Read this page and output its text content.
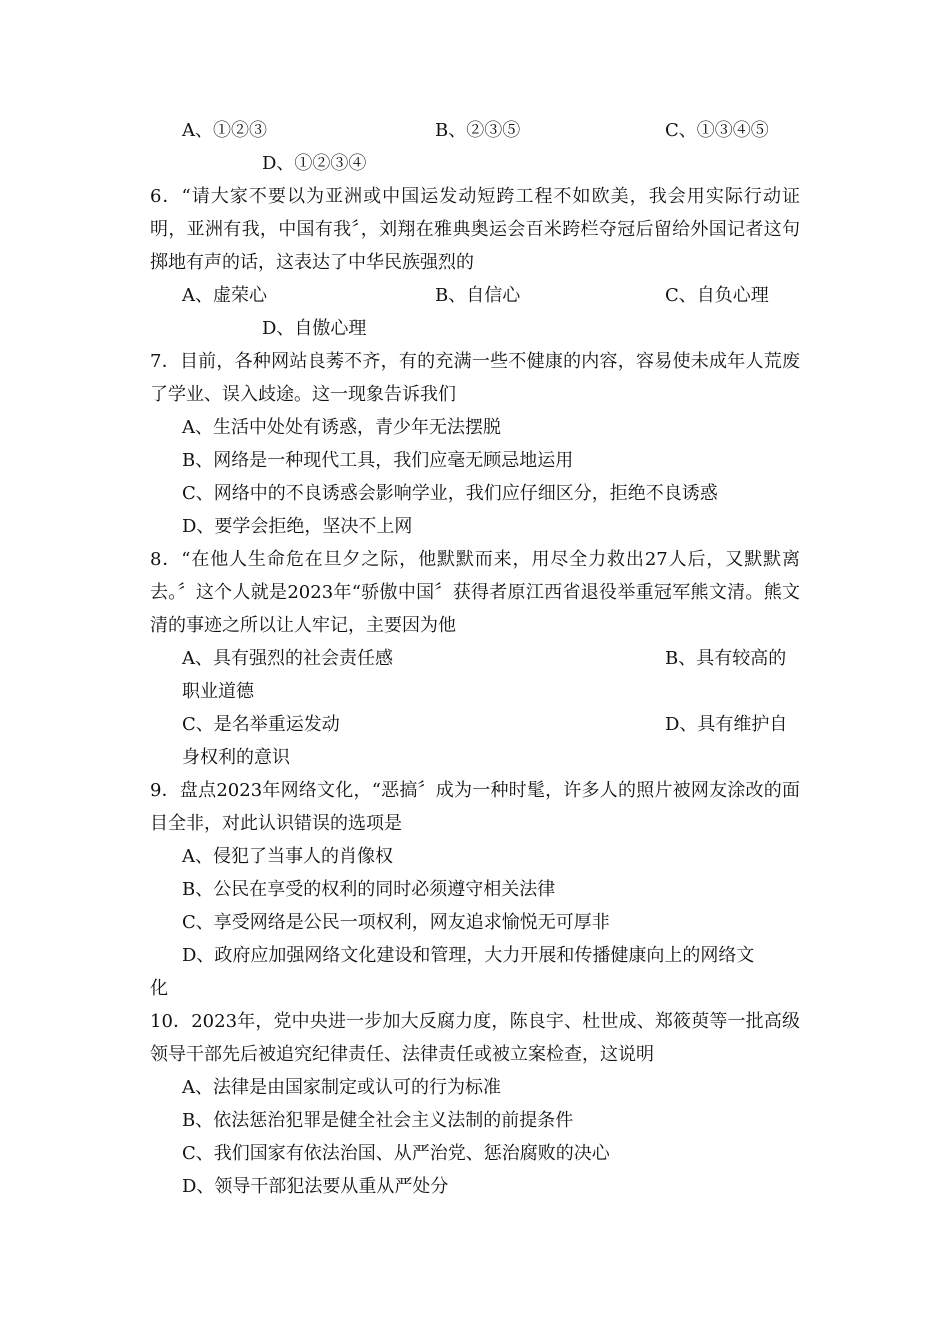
A、①②③	B、②③⑤	C、①③④⑤
D、①②③④
6．“请大家不要以为亚洲或中国运发动短跨工程不如欧美，我会用实际行动证明，亚洲有我，中国有我〞，刘翔在雅典奥运会百米跨栏夺冠后留给外国记者这句掷地有声的话，这表达了中华民族强烈的
A、虚荣心	B、自信心	C、自负心理
D、自傲心理
7．目前，各种网站良莠不齐，有的充满一些不健康的内容，容易使未成年人荒废了学业、误入歧途。这一现象告诉我们
A、生活中处处有诱惑，青少年无法摆脱
B、网络是一种现代工具，我们应毫无顾忌地运用
C、网络中的不良诱惑会影响学业，我们应仔细区分，拒绝不良诱惑
D、要学会拒绝，坚决不上网
8．“在他人生命危在旦夕之际，他默默而来，用尽全力救出27人后，又默默离去。〞这个人就是2023年“骄傲中国〞获得者原江西省退役举重冠军熊文清。熊文清的事迹之所以让人牢记，主要因为他
A、具有强烈的社会责任感	B、具有较高的
职业道德
C、是名举重运发动	D、具有维护自
身权利的意识
9．盘点2023年网络文化，“恶搞〞成为一种时髦，许多人的照片被网友涂改的面目全非，对此认识错误的选项是
A、侵犯了当事人的肖像权
B、公民在享受的权利的同时必须遵守相关法律
C、享受网络是公民一项权利，网友追求愉悦无可厚非
D、政府应加强网络文化建设和管理，大力开展和传播健康向上的网络文
化
10．2023年，党中央进一步加大反腐力度，陈良宇、杜世成、郑筱萸等一批高级领导干部先后被追究纪律责任、法律责任或被立案检查，这说明
A、法律是由国家制定或认可的行为标准
B、依法惩治犯罪是健全社会主义法制的前提条件
C、我们国家有依法治国、从严治党、惩治腐败的决心
D、领导干部犯法要从重从严处分
